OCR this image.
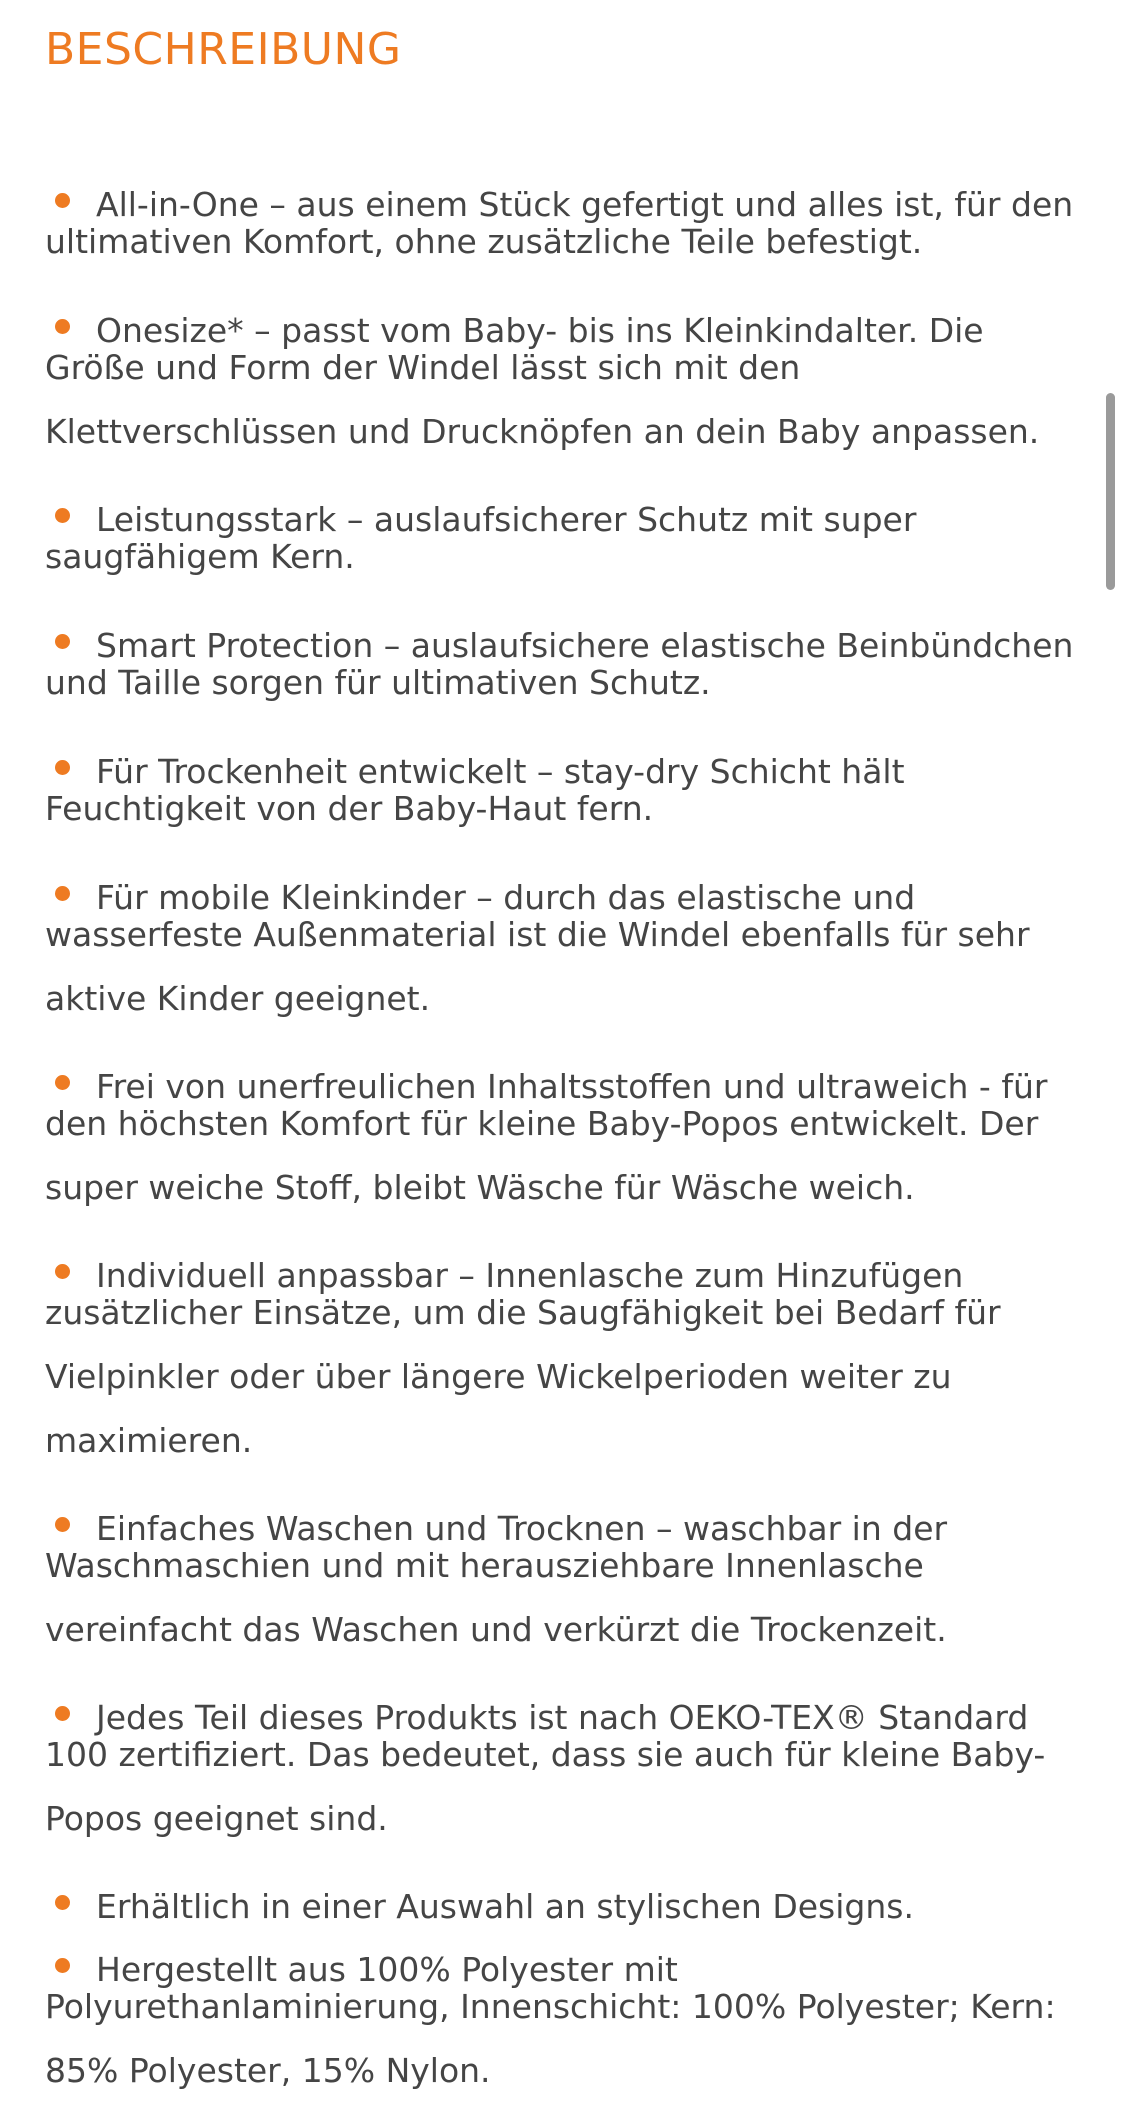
BESCHREIBUNG
All-in-One – aus einem Stück gefertigt und alles ist, für den
ultimativen Komfort, ohne zusätzliche Teile befestigt.
Onesize* – passt vom Baby- bis ins Kleinkindalter. Die
Größe und Form der Windel lässt sich mit den
Klettverschlüssen und Drucknöpfen an dein Baby anpassen.
Leistungsstark – auslaufsicherer Schutz mit super
saugfähigem Kern.
Smart Protection – auslaufsichere elastische Beinbündchen
und Taille sorgen für ultimativen Schutz.
Für Trockenheit entwickelt – stay-dry Schicht hält
Feuchtigkeit von der Baby-Haut fern.
Für mobile Kleinkinder – durch das elastische und
wasserfeste Außenmaterial ist die Windel ebenfalls für sehr
aktive Kinder geeignet.
Frei von unerfreulichen Inhaltsstoffen und ultraweich - für
den höchsten Komfort für kleine Baby-Popos entwickelt. Der
super weiche Stoff, bleibt Wäsche für Wäsche weich.
Individuell anpassbar – Innenlasche zum Hinzufügen
zusätzlicher Einsätze, um die Saugfähigkeit bei Bedarf für
Vielpinkler oder über längere Wickelperioden weiter zu
maximieren.
Einfaches Waschen und Trocknen – waschbar in der
Waschmaschien und mit herausziehbare Innenlasche
vereinfacht das Waschen und verkürzt die Trockenzeit.
Jedes Teil dieses Produkts ist nach OEKO-TEX® Standard
100 zertifiziert. Das bedeutet, dass sie auch für kleine Baby-
Popos geeignet sind.
Erhältlich in einer Auswahl an stylischen Designs.
Hergestellt aus 100% Polyester mit
Polyurethanlaminierung, Innenschicht: 100% Polyester; Kern:
85% Polyester, 15% Nylon.
